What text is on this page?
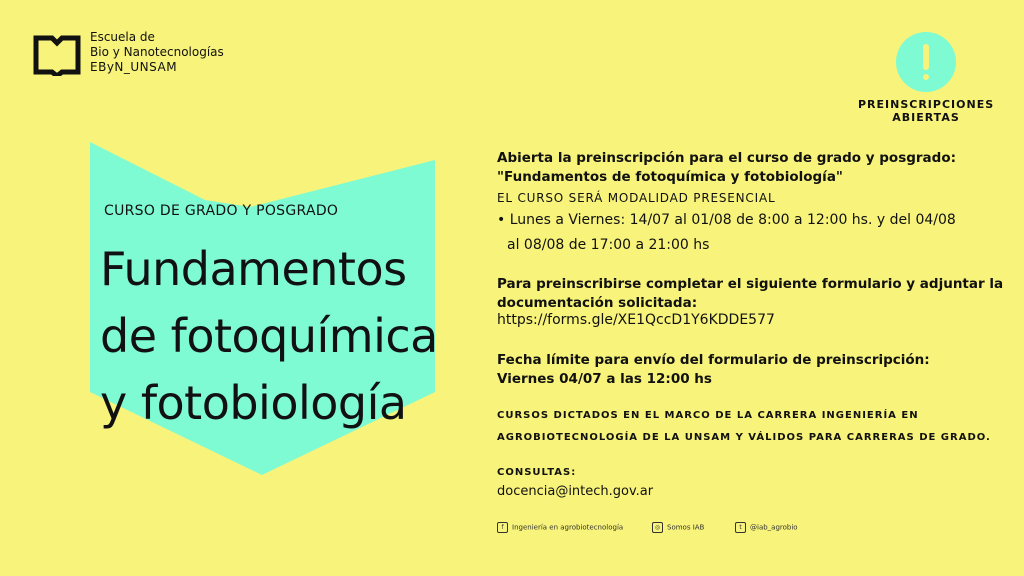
Escuela de
Bio y Nanotecnologías
EByN_UNSAM
PREINSCRIPCIONES
ABIERTAS
CURSO DE GRADO Y POSGRADO
Fundamentos
de fotoquímica
y fotobiología
Abierta la preinscripción para el curso de grado y posgrado:
"Fundamentos de fotoquímica y fotobiología"
EL CURSO SERÁ MODALIDAD PRESENCIAL
• Lunes a Viernes: 14/07 al 01/08 de 8:00 a 12:00 hs. y del 04/08
al 08/08 de 17:00 a 21:00 hs
Para preinscribirse completar el siguiente formulario y adjuntar la
documentación solicitada:
https://forms.gle/XE1QccD1Y6KDDE577
Fecha límite para envío del formulario de preinscripción:
Viernes 04/07 a las 12:00 hs
CURSOS DICTADOS EN EL MARCO DE LA CARRERA INGENIERÍA EN
AGROBIOTECNOLOGÍA DE LA UNSAM Y VÁLIDOS PARA CARRERAS DE GRADO.
CONSULTAS:
docencia@intech.gov.ar
f Ingeniería en agrobiotecnología	◎ Somos IAB	t @iab_agrobio
